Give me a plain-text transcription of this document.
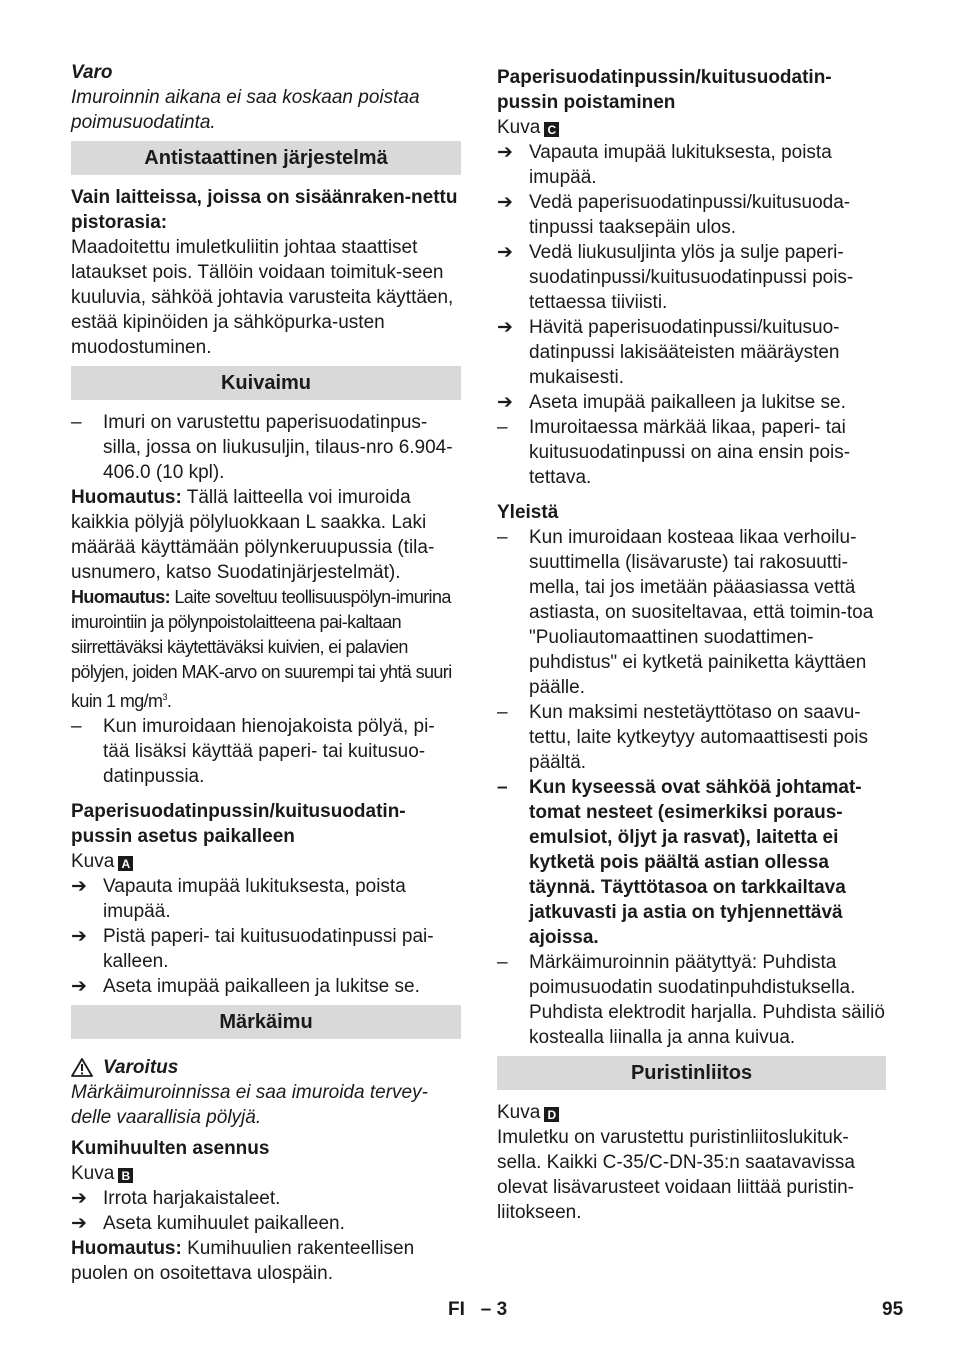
Varo

Imuroinnin aikana ei saa koskaan poistaa poimusuodatinta.

Antistaattinen järjestelmä

Vain laitteissa, joissa on sisäänraken-nettu pistorasia:

Maadoitettu imuletkuliitin johtaa staattiset lataukset pois. Tällöin voidaan toimituk-seen kuuluvia, sähköä johtavia varusteita käyttäen, estää kipinöiden ja sähköpurka-usten muodostuminen.

Kuivaimu
–	Imuri on varustettu paperisuodatinpus-silla, jossa on liukusuljin, tilaus-nro 6.904-406.0 (10 kpl).

Huomautus: Tällä laitteella voi imuroida kaikkia pölyjä pölyluokkaan L saakka. Laki määrää käyttämään pölynkeruupussia (tila-usnumero, katso Suodatinjärjestelmät).

Huomautus: Laite soveltuu teollisuuspölyn-imurina imurointiin ja pölynpoistolaitteena pai-kaltaan siirrettäväksi käytettäväksi kuivien, ei palavien pölyjen, joiden MAK-arvo on suurempi tai yhtä suuri kuin 1 $mg/m^3$.

–	Kun imuroidaan hienojakoista pölyä, pi-tää lisäksi käyttää paperi- tai kuitusuo-datinpussia.

Paperisuodatinpussin/kuitusuodatin-pussin asetus paikalleen

Kuva A

➔ Vapauta imupää lukituksesta, poista imupää.
➔ Pistä paperi- tai kuitusuodatinpussi pai-kalleen.
➔ Aseta imupää paikalleen ja lukitse se.
Märkäimu
Varoitus

Märkäimuroinnissa ei saa imuroida tervey-delle vaarallisia pölyjä.

Kumihuulten asennus

Kuva B

➔ Irrota harjakaistaleet.
➔ Aseta kumihuulet paikalleen.

Huomautus: Kumihuulien rakenteellisen puolen on osoitettava ulospäin.

Paperisuodatinpussin/kuitusuodatin-pussin poistaminen

Kuva C

➔ Vapauta imupää lukituksesta, poista imupää.
➔ Vedä paperisuodatinpussi/kuitusuoda-tinpussi taaksepäin ulos.
➔ Vedä liukusuljinta ylös ja sulje paperi-suodatinpussi/kuitusuodatinpussi pois-tettaessa tiiviisti.
➔ Hävitä paperisuodatinpussi/kuitusuo-datinpussi lakisääteisten määräysten mukaisesti.
➔ Aseta imupää paikalleen ja lukitse se.
–	Imuroitaessa märkää likaa, paperi- tai kuitusuodatinpussi on aina ensin pois-tettava.

Yleistä

–	Kun imuroidaan kosteaa likaa verhoilu-suuttimella (lisävaruste) tai rakosuutti-mella, tai jos imetään pääasiassa vettä astiasta, on suositeltavaa, että toimin-toa "Puoliautomaattinen suodattimen-puhdistus" ei kytketä painiketta käyttäen päälle.
–	Kun maksimi nestetäyttötaso on saavu-tettu, laite kytkeytyy automaattisesti pois päältä.
–	Kun kyseessä ovat sähköä johtamat-tomat nesteet (esimerkiksi poraus-emulsiot, öljyt ja rasvat), laitetta ei kytketä pois päältä astian ollessa täynnä. Täyttötasoa on tarkkailtava jatkuvasti ja astia on tyhjennettävä ajoissa.
–	Märkäimuroinnin päätyttyä: Puhdista poimusuodatin suodatinpuhdistuksella. Puhdista elektrodit harjalla. Puhdista säiliö kostealla liinalla ja anna kuivua.
Puristinliitos

Kuva D

Imuletku on varustettu puristinliitoslukituk-sella. Kaikki C-35/C-DN-35:n saatavavissa olevat lisävarusteet voidaan liittää puristin-liitokseen.

FI – 3	95
